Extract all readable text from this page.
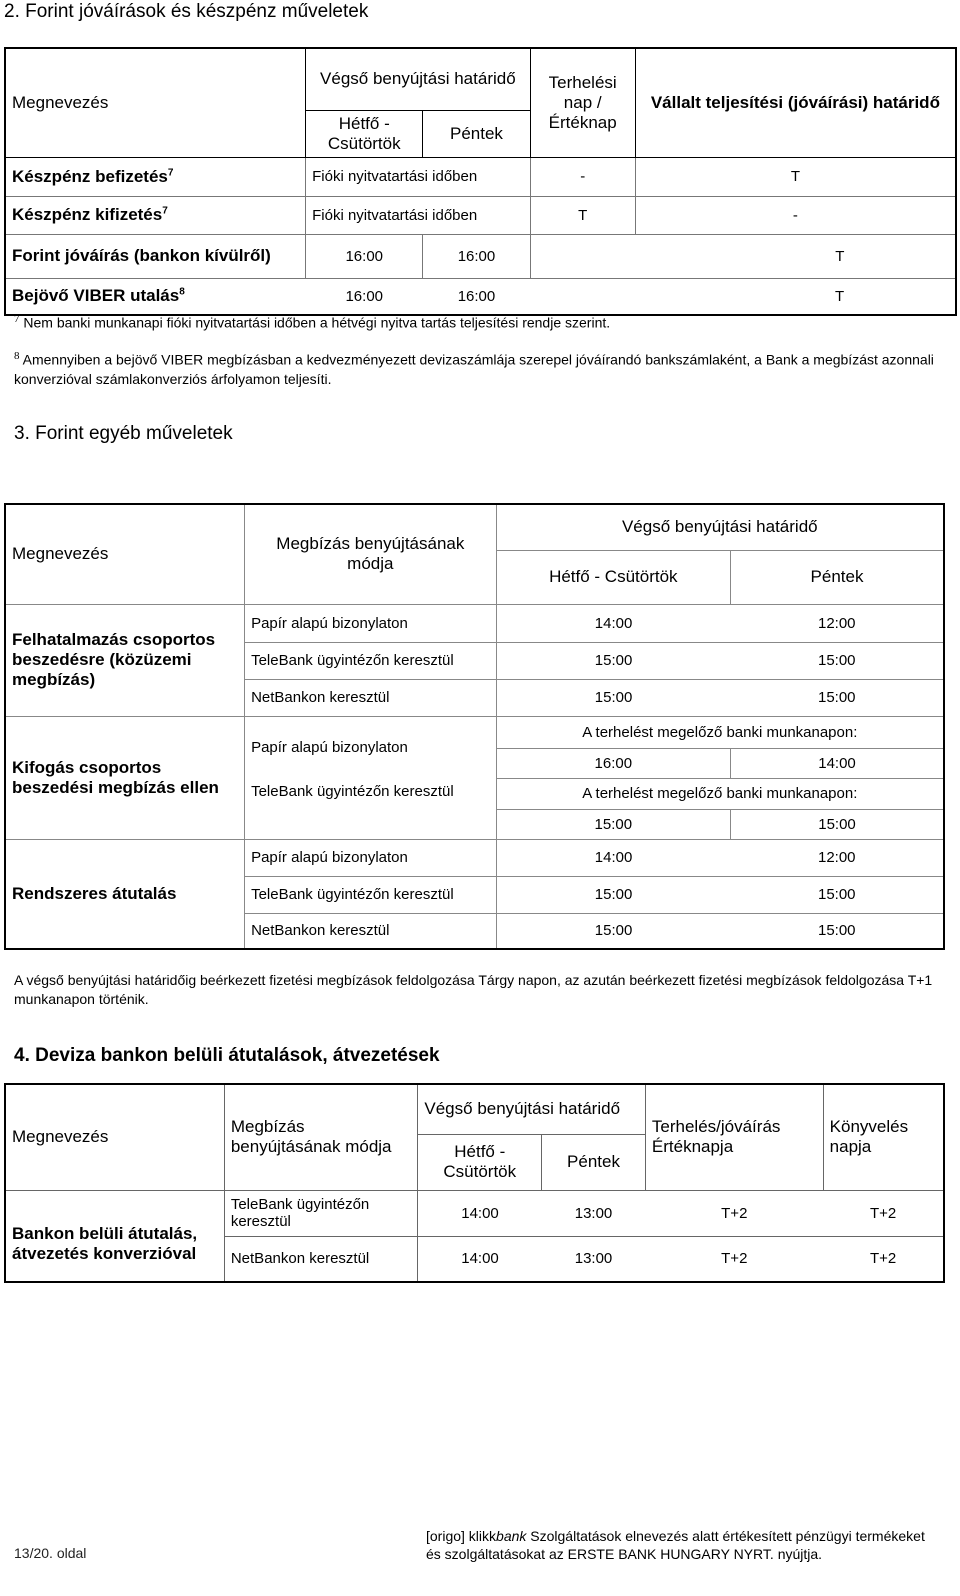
2. Forint jóváírások és készpénz műveletek
Megnevezés	Végső benyújtási határidő		Terhelési nap / Értéknap	Vállalt teljesítési (jóváírási) határidő
	Hétfő - Csütörtök	Péntek		
Készpénz befizetés$^7$	Fióki nyitvatartási időben		-	T
Készpénz kifizetés$^7$	Fióki nyitvatartási időben		T	-
Forint jóváírás (bankon kívülről)	16:00	16:00	T	
Bejövő VIBER utalás$^8$	16:00	16:00	T	
$^7$ Nem banki munkanapi fióki nyitvatartási időben a hétvégi nyitva tartás teljesítési rendje szerint.
$^8$ Amennyiben a bejövő VIBER megbízásban a kedvezményezett devizaszámlája szerepel jóváírandó bankszámlaként, a Bank a megbízást azonnali konverzióval számlakonverziós árfolyamon teljesíti.
3. Forint egyéb műveletek
Megnevezés	Megbízás benyújtásának módja	Végső benyújtási határidő	
		Hétfő - Csütörtök	Péntek
Felhatalmazás csoportos beszedésre (közüzemi megbízás)	Papír alapú bizonylaton	14:00	12:00
	TeleBank ügyintézőn keresztül	15:00	15:00
	NetBankon keresztül	15:00	15:00
Kifogás csoportos beszedési megbízás ellen	Papír alapú bizonylaton	A terhelést megelőző banki munkanapon:	
		16:00	14:00
	TeleBank ügyintézőn keresztül	A terhelést megelőző banki munkanapon:	
		15:00	15:00
Rendszeres átutalás	Papír alapú bizonylaton	14:00	12:00
	TeleBank ügyintézőn keresztül	15:00	15:00
	NetBankon keresztül	15:00	15:00
A végső benyújtási határidőig beérkezett fizetési megbízások feldolgozása Tárgy napon, az azután beérkezett fizetési megbízások feldolgozása T+1 munkanapon történik.
4. Deviza bankon belüli átutalások, átvezetések
Megnevezés	Megbízás benyújtásának módja	Végső benyújtási határidő		Terhelés/jóváírás Értéknapja	Könyvelés napja
		Hétfő - Csütörtök	Péntek		
Bankon belüli átutalás, átvezetés konverzióval	TeleBank ügyintézőn keresztül	14:00	13:00	T+2	T+2
	NetBankon keresztül	14:00	13:00	T+2	T+2
13/20. oldal
[origo] klikkbank Szolgáltatások elnevezés alatt értékesített pénzügyi termékeket és szolgáltatásokat az ERSTE BANK HUNGARY NYRT. nyújtja.
